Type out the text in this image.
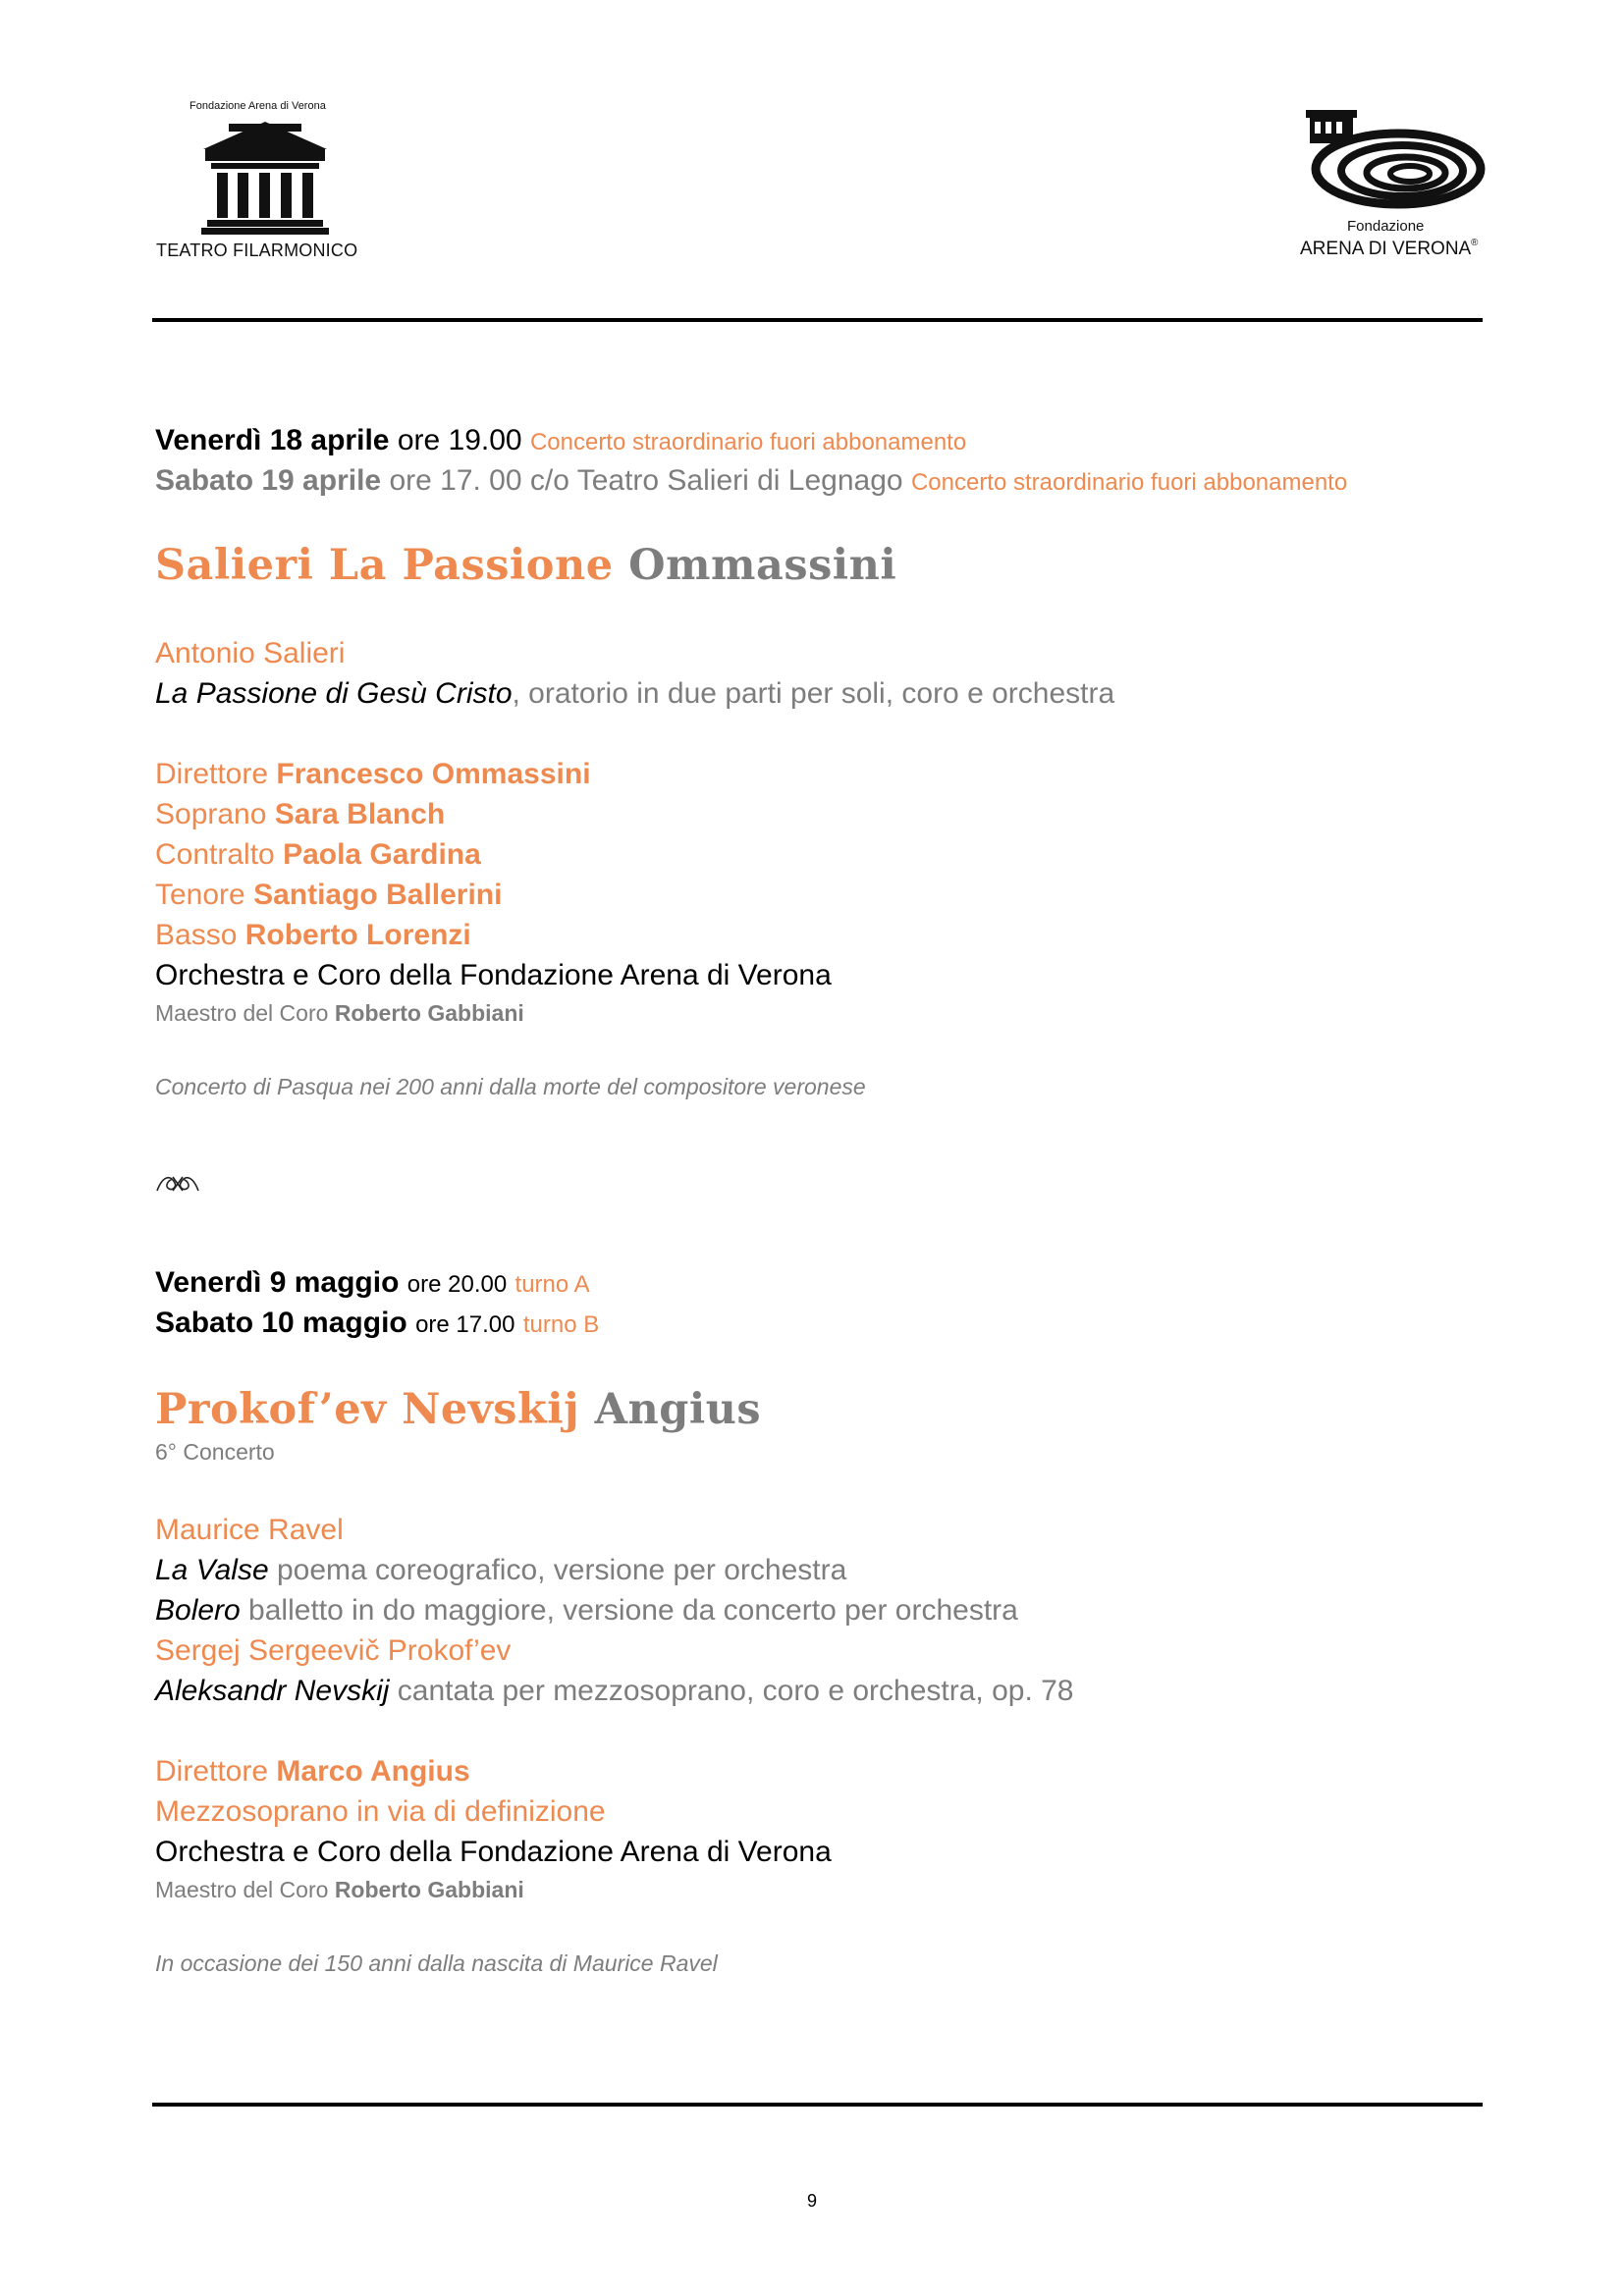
Fondazione Arena di Verona
TEATRO FILARMONICO
Fondazione
ARENA DI VERONA ®
Venerdì 18 aprile ore 19.00 Concerto straordinario fuori abbonamento
Sabato 19 aprile ore 17. 00 c/o Teatro Salieri di Legnago Concerto straordinario fuori abbonamento
Salieri La Passione Ommassini
Antonio Salieri
La Passione di Gesù Cristo, oratorio in due parti per soli, coro e orchestra
Direttore Francesco Ommassini
Soprano Sara Blanch
Contralto Paola Gardina
Tenore Santiago Ballerini
Basso Roberto Lorenzi
Orchestra e Coro della Fondazione Arena di Verona
Maestro del Coro Roberto Gabbiani
Concerto di Pasqua nei 200 anni dalla morte del compositore veronese
Venerdì 9 maggio ore 20.00 turno A
Sabato 10 maggio ore 17.00 turno B
Prokof’ev Nevskij Angius
6° Concerto
Maurice Ravel
La Valse poema coreografico, versione per orchestra
Bolero balletto in do maggiore, versione da concerto per orchestra
Sergej Sergeevič Prokof’ev
Aleksandr Nevskij cantata per mezzosoprano, coro e orchestra, op. 78
Direttore Marco Angius
Mezzosoprano in via di definizione
Orchestra e Coro della Fondazione Arena di Verona
Maestro del Coro Roberto Gabbiani
In occasione dei 150 anni dalla nascita di Maurice Ravel
9
